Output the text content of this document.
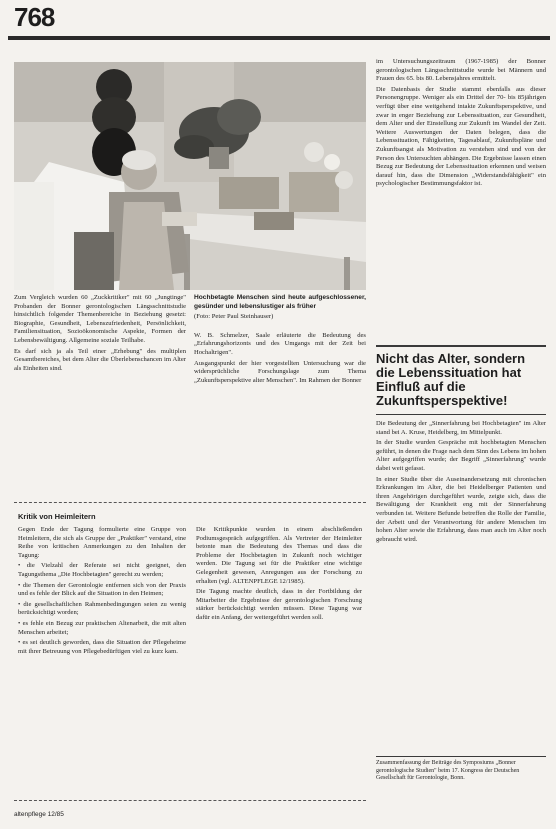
768

Zum Vergleich wurden 60 „Zuckkritiker" mit 60 „Jungtinge" Probanden der Bonner gerontologischen Längsschnittstudie hinsichtlich folgender Themenbereiche in Beziehung gesetzt: Biographie, Gesundheit, Lebenszufriedenheit, Persönlichkeit, Familiensituation, Sozioökonomische Aspekte, Formen der Lebensbewältigung. Allgemeine soziale Teilhabe.

Es darf sich ja als Teil einer „Erhebung" des multiplen Gesamtbereiches, bei dem Alter die Überlebenschancen im Alter als Einheiten sind.

Hochbetagte Menschen sind heute aufgeschlossener, gesünder und lebenslustiger als früher

(Foto: Peter Paul Steinhauser)

W. B. Schmelzer, Saale erläuterte die Bedeutung des „Erfahrungshorizonts und des Umgangs mit der Zeit bei Hochaltrigen".

Ausgangspunkt der hier vorgestellten Untersuchung war die widersprüchliche Forschungslage zum Thema „Zukunftsperspektive alter Menschen". Im Rahmen der Bonner

im Untersuchungszeitraum (1967-1985) der Bonner gerontologischen Längsschnittstudie wurde bei Männern und Frauen des 65. bis 80. Lebensjahres ermittelt.

Die Datenbasis der Studie stammt ebenfalls aus dieser Personengruppe. Weniger als ein Drittel der 70- bis 85jährigen verfügt über eine weitgehend intakte Zukunftsperspektive, und zwar in enger Beziehung zur Lebenssituation, zur Gesundheit, dem Alter und der Einstellung zur Zukunft im Wandel der Zeit. Weitere Auswertungen der Daten belegen, dass die Lebenssituation, Fähigkeiten, Tagesablauf, Zukunftspläne und Zukunftsangst als Motivation zu verstehen sind und von der Person des Untersuchten abhängen. Die Ergebnisse lassen einen Bezug zur Bedeutung der Lebenssituation erkennen und weisen darauf hin, dass die Dimension „Widerstandsfähigkeit" ein psychologischer Bestimmungsfaktor ist.

Nicht das Alter, sondern die Lebenssituation hat Einfluß auf die Zukunftsperspektive!

Die Bedeutung der „Sinnerfahrung bei Hochbetagten" im Alter stand bei A. Kruse, Heidelberg, im Mittelpunkt.

In der Studie wurden Gespräche mit hochbetagten Menschen geführt, in denen die Frage nach dem Sinn des Lebens im hohen Alter aufgegriffen wurde; der Begriff „Sinnerfahrung" wurde dabei weit gefasst.

In einer Studie über die Auseinandersetzung mit chronischen Erkrankungen im Alter, die bei Heidelberger Patienten und ihren Angehörigen durchgeführt wurde, zeigte sich, dass die Bewältigung der Krankheit eng mit der Sinnerfahrung verbunden ist. Weitere Befunde betreffen die Rolle der Familie, der Arbeit und der Verantwortung für andere Menschen im hohen Alter sowie die Erfahrung, dass man auch im Alter noch gebraucht wird.

Zusammenfassung der Beiträge des Symposiums „Bonner gerontologische Studien" beim 17. Kongress der Deutschen Gesellschaft für Gerontologie, Bonn.
Kritik von Heimleitern

Gegen Ende der Tagung formulierte eine Gruppe von Heimleitern, die sich als Gruppe der „Praktiker" verstand, eine Reihe von kritischen Anmerkungen zu den Inhalten der Tagung:

• die Vielzahl der Referate sei nicht geeignet, den Tagungsthema „Die Hochbetagten" gerecht zu werden;

• die Themen der Gerontologie entfernen sich von der Praxis und es fehle der Blick auf die Situation in den Heimen;

• die gesellschaftlichen Rahmenbedingungen seien zu wenig berücksichtigt worden;

• es fehle ein Bezug zur praktischen Altenarbeit, die mit alten Menschen arbeitet;

• es sei deutlich geworden, dass die Situation der Pflegeheime mit ihrer Betreuung von Pflegebedürftigen viel zu kurz kam.

Die Kritikpunkte wurden in einem abschließenden Podiumsgespräch aufgegriffen. Als Vertreter der Heimleiter betonte man die Bedeutung des Themas und dass die Probleme der Hochbetagten in Zukunft noch wichtiger werden. Die Tagung sei für die Praktiker eine wichtige Gelegenheit gewesen, Anregungen aus der Forschung zu erhalten (vgl. ALTENPFLEGE 12/1985).

Die Tagung machte deutlich, dass in der Fortbildung der Mitarbeiter die Ergebnisse der gerontologischen Forschung stärker berücksichtigt werden müssen. Diese Tagung war dafür ein Anfang, der weitergeführt werden soll.

altenpflege 12/85
